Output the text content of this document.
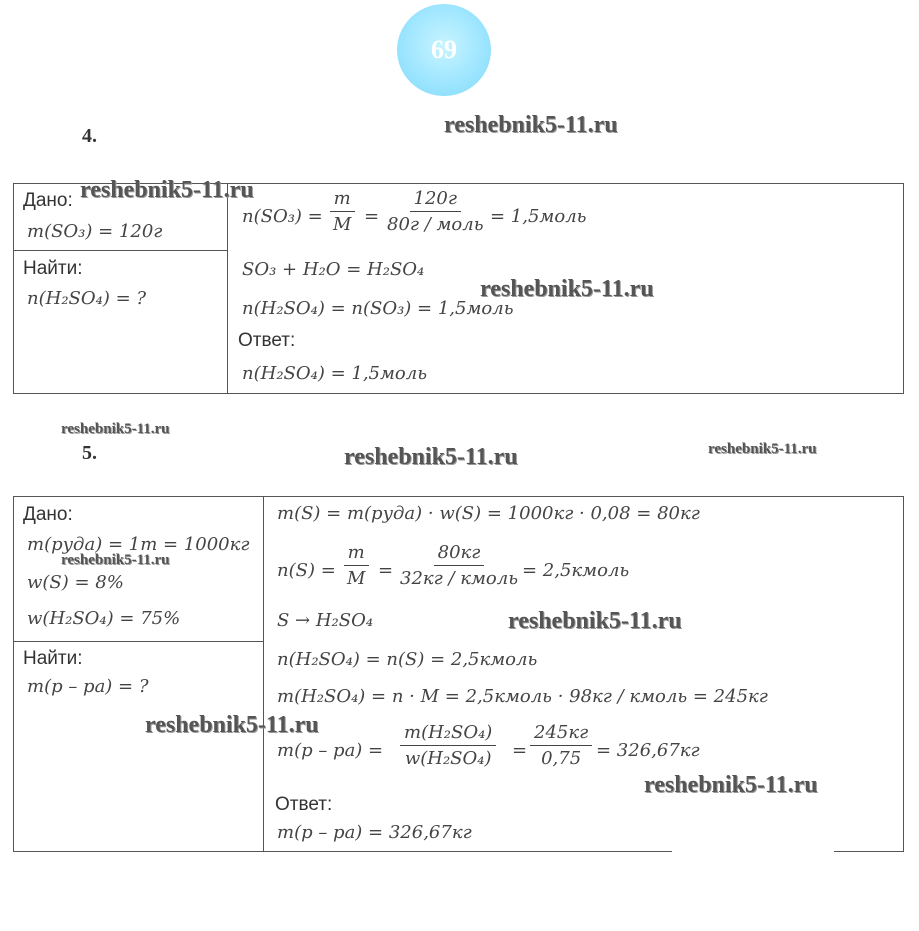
69
4.	reshebnik5-11.ru
Дано:
m(SO₃) = 120г
Найти:
n(H₂SO₄) = ?
$n(SO_3) = \frac{m}{M}$ =
120г
80г / моль = 1,5моль
SO₃ + H₂O = H₂SO₄
n(H₂SO₄) = n(SO₃) = 1,5моль
Ответ:
n(H₂SO₄) = 1,5моль
reshebnik5-11.ru
reshebnik5-11.ru
reshebnik5-11.ru
5.	reshebnik5-11.ru	reshebnik5-11.ru
Дано:
m(руда) = 1т = 1000кг
w(S) = 8%
w(H₂SO₄) = 75%
Найти:
m(р – ра) = ?
m(S) = m(руда) · w(S) = 1000кг · 0,08 = 80кг
$n(S) = \frac{m}{M}$ =
80кг
32кг / кмоль = 2,5кмоль
S → H₂SO₄
n(H₂SO₄) = n(S) = 2,5кмоль
m(H₂SO₄) = n · M = 2,5кмоль · 98кг / кмоль = 245кг
$m(р - ра) = \frac{\text{m(H₂SO₄)}}{\text{w(H₂SO₄)}}$ =
245кг
0,75 = 326,67кг
Ответ:
m(р – ра) = 326,67кг
reshebnik5-11.ru
reshebnik5-11.ru
reshebnik5-11.ru
reshebnik5-11.ru
